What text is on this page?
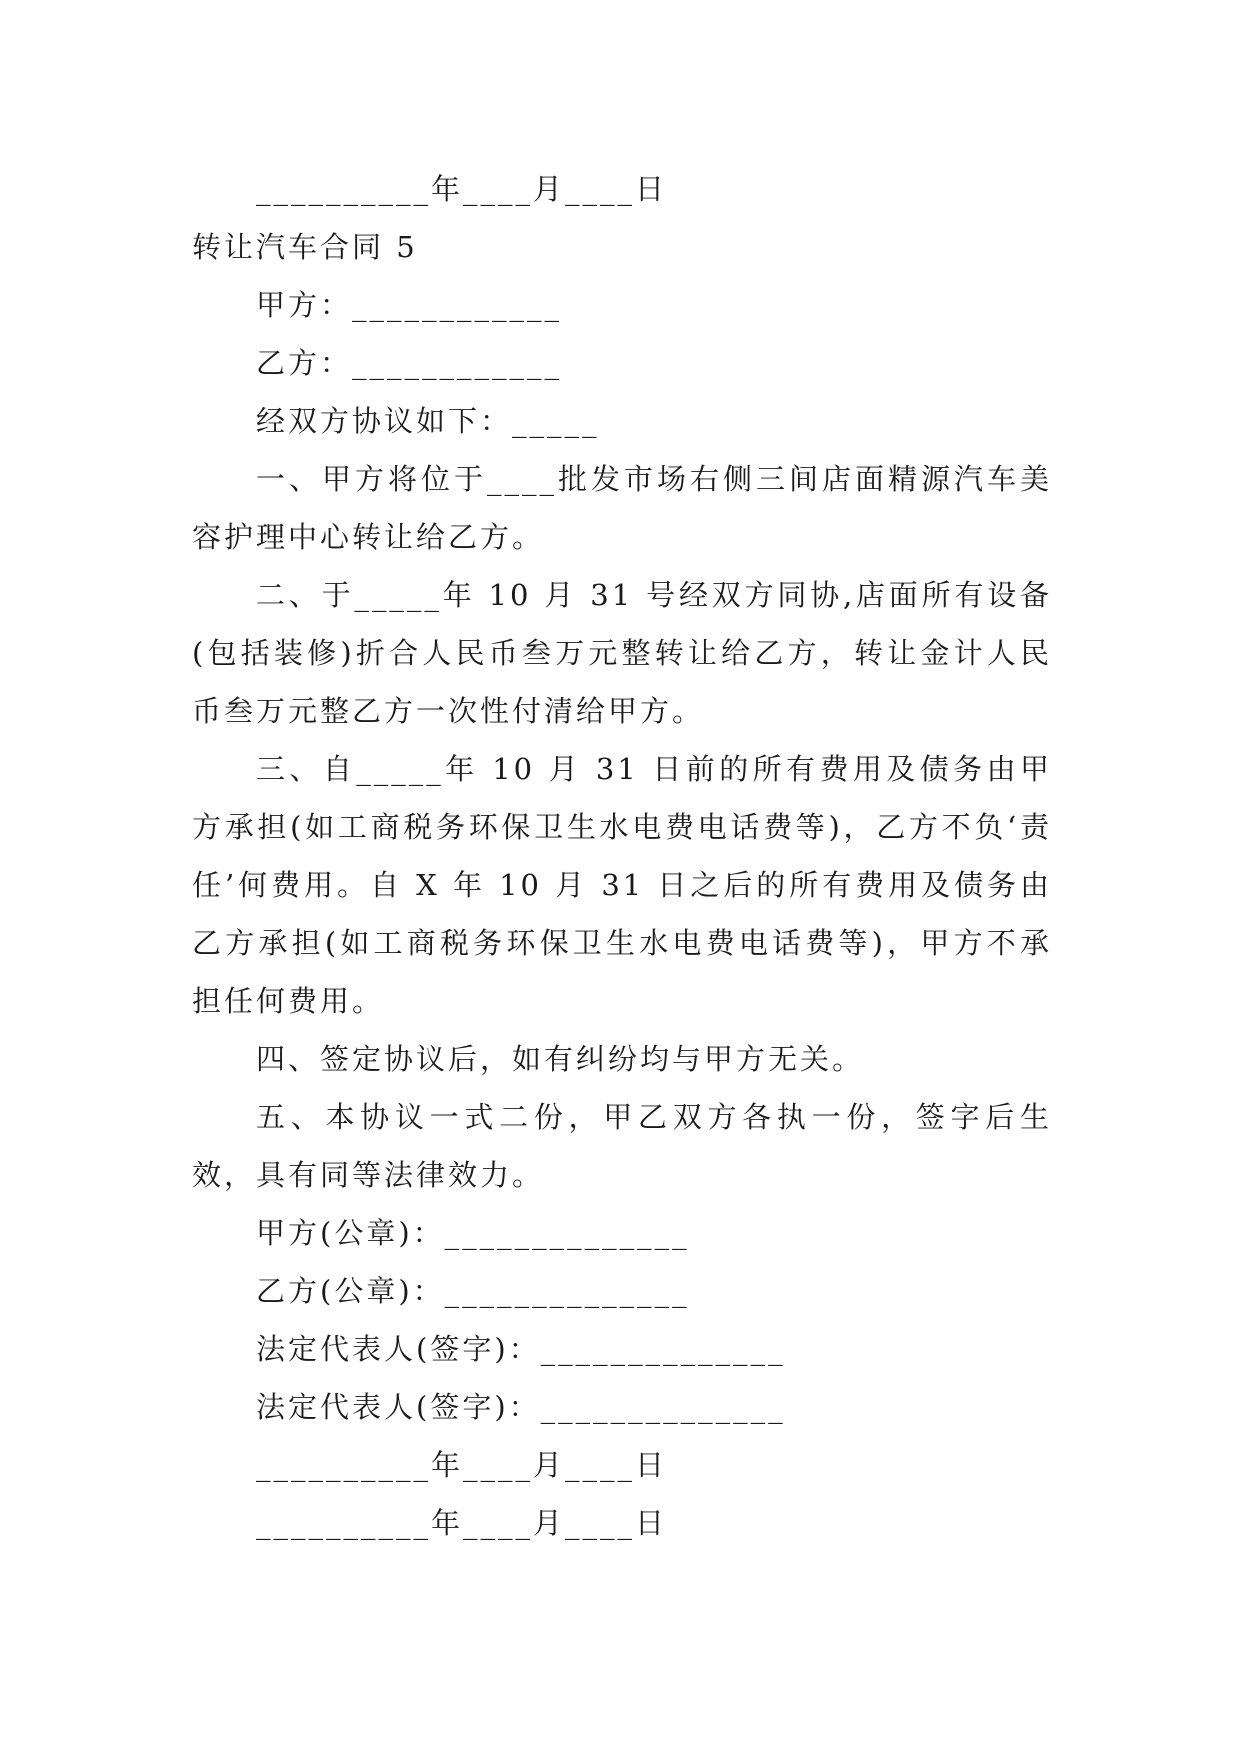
__________年____月____日

转让汽车合同 5

甲方：____________

乙方：____________

经双方协议如下：_____

一、甲方将位于____批发市场右侧三间店面精源汽车美容护理中心转让给乙方。

二、于_____年 10 月 31 号经双方同协,店面所有设备(包括装修)折合人民币叁万元整转让给乙方，转让金计人民币叁万元整乙方一次性付清给甲方。

三、自_____年 10 月 31 日前的所有费用及债务由甲方承担(如工商税务环保卫生水电费电话费等)，乙方不负‘责任’何费用。自 X 年 10 月 31 日之后的所有费用及债务由乙方承担(如工商税务环保卫生水电费电话费等)，甲方不承担任何费用。

四、签定协议后，如有纠纷均与甲方无关。

五、本协议一式二份，甲乙双方各执一份，签字后生效，具有同等法律效力。

甲方(公章)：______________

乙方(公章)：______________

法定代表人(签字)：______________

法定代表人(签字)：______________

__________年____月____日

__________年____月____日
